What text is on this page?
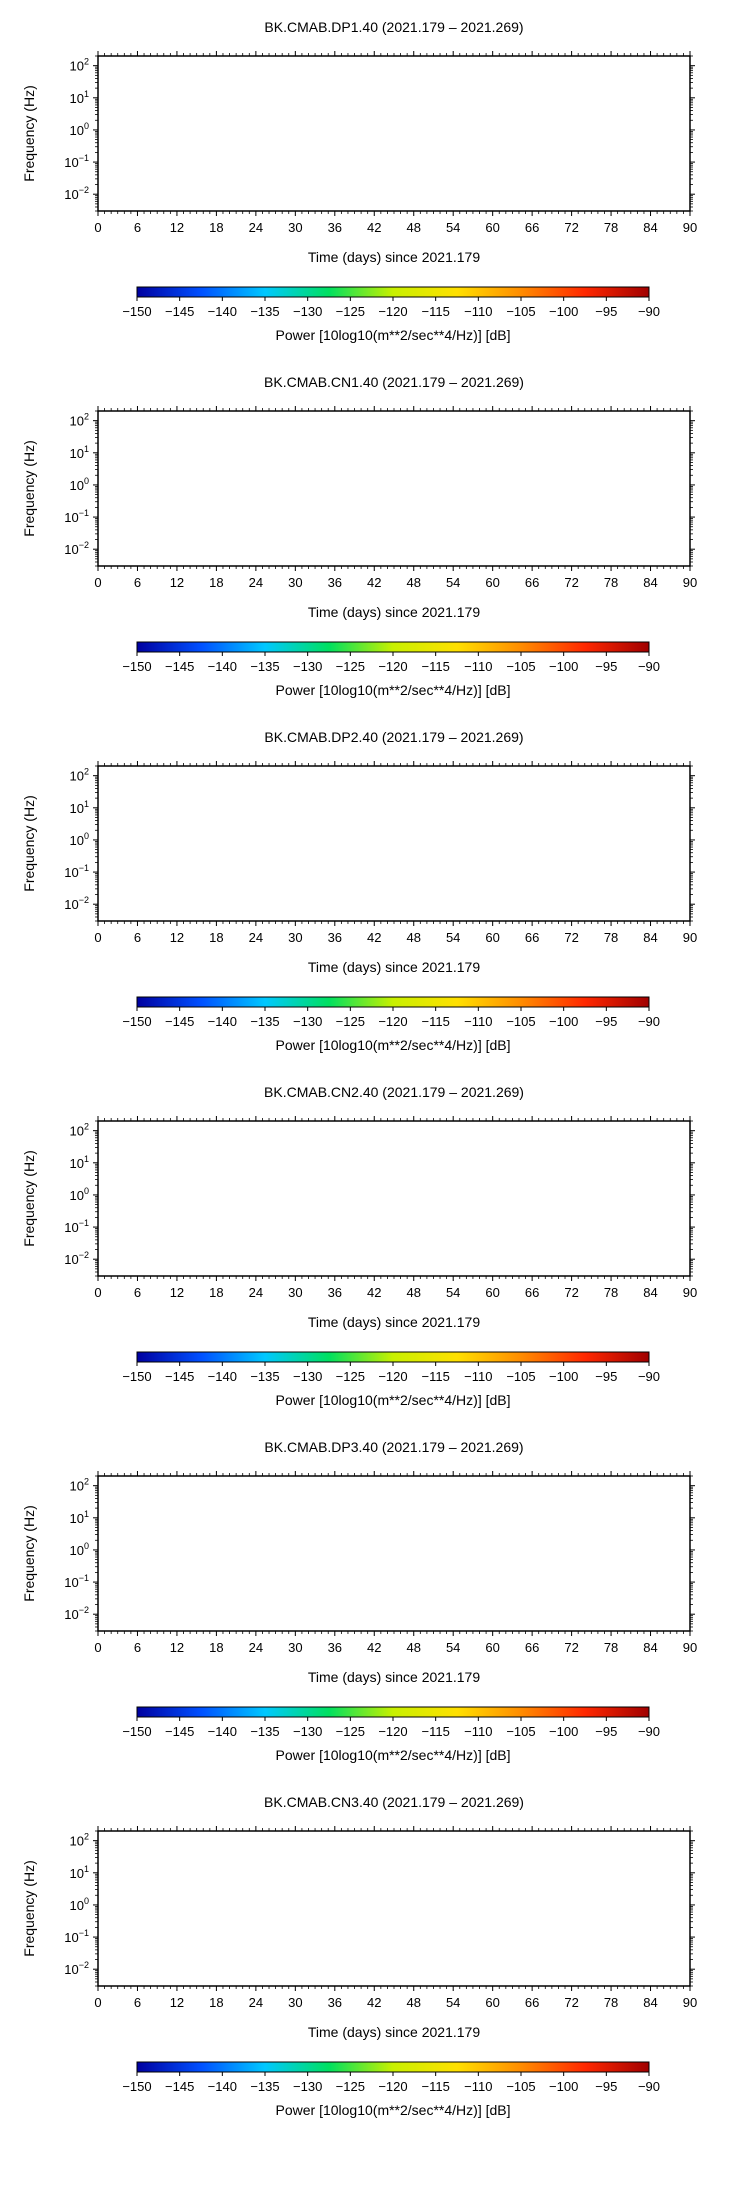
BK.CMAB.DP1.40 (2021.179 – 2021.269)
0 6 12 18 24 30 36 42 48 54 60 66 72 78 84 90
$10^2$
$10^1$
$10^0$
$10^{-1}$
$10^{-2}$
Frequency (Hz)
Time (days) since 2021.179
−150 −145 −140 −135 −130 −125 −120 −115 −110 −105 −100 −95 −90
Power [10log10(m**2/sec**4/Hz)] [dB]
BK.CMAB.CN1.40 (2021.179 – 2021.269)
0 6 12 18 24 30 36 42 48 54 60 66 72 78 84 90
$10^2$
$10^1$
$10^0$
$10^{-1}$
$10^{-2}$
Frequency (Hz)
Time (days) since 2021.179
−150 −145 −140 −135 −130 −125 −120 −115 −110 −105 −100 −95 −90
Power [10log10(m**2/sec**4/Hz)] [dB]
BK.CMAB.DP2.40 (2021.179 – 2021.269)
0 6 12 18 24 30 36 42 48 54 60 66 72 78 84 90
$10^2$
$10^1$
$10^0$
$10^{-1}$
$10^{-2}$
Frequency (Hz)
Time (days) since 2021.179
−150 −145 −140 −135 −130 −125 −120 −115 −110 −105 −100 −95 −90
Power [10log10(m**2/sec**4/Hz)] [dB]
BK.CMAB.CN2.40 (2021.179 – 2021.269)
0 6 12 18 24 30 36 42 48 54 60 66 72 78 84 90
$10^2$
$10^1$
$10^0$
$10^{-1}$
$10^{-2}$
Frequency (Hz)
Time (days) since 2021.179
−150 −145 −140 −135 −130 −125 −120 −115 −110 −105 −100 −95 −90
Power [10log10(m**2/sec**4/Hz)] [dB]
BK.CMAB.DP3.40 (2021.179 – 2021.269)
0 6 12 18 24 30 36 42 48 54 60 66 72 78 84 90
$10^2$
$10^1$
$10^0$
$10^{-1}$
$10^{-2}$
Frequency (Hz)
Time (days) since 2021.179
−150 −145 −140 −135 −130 −125 −120 −115 −110 −105 −100 −95 −90
Power [10log10(m**2/sec**4/Hz)] [dB]
BK.CMAB.CN3.40 (2021.179 – 2021.269)
0 6 12 18 24 30 36 42 48 54 60 66 72 78 84 90
$10^2$
$10^1$
$10^0$
$10^{-1}$
$10^{-2}$
Frequency (Hz)
Time (days) since 2021.179
−150 −145 −140 −135 −130 −125 −120 −115 −110 −105 −100 −95 −90
Power [10log10(m**2/sec**4/Hz)] [dB]
